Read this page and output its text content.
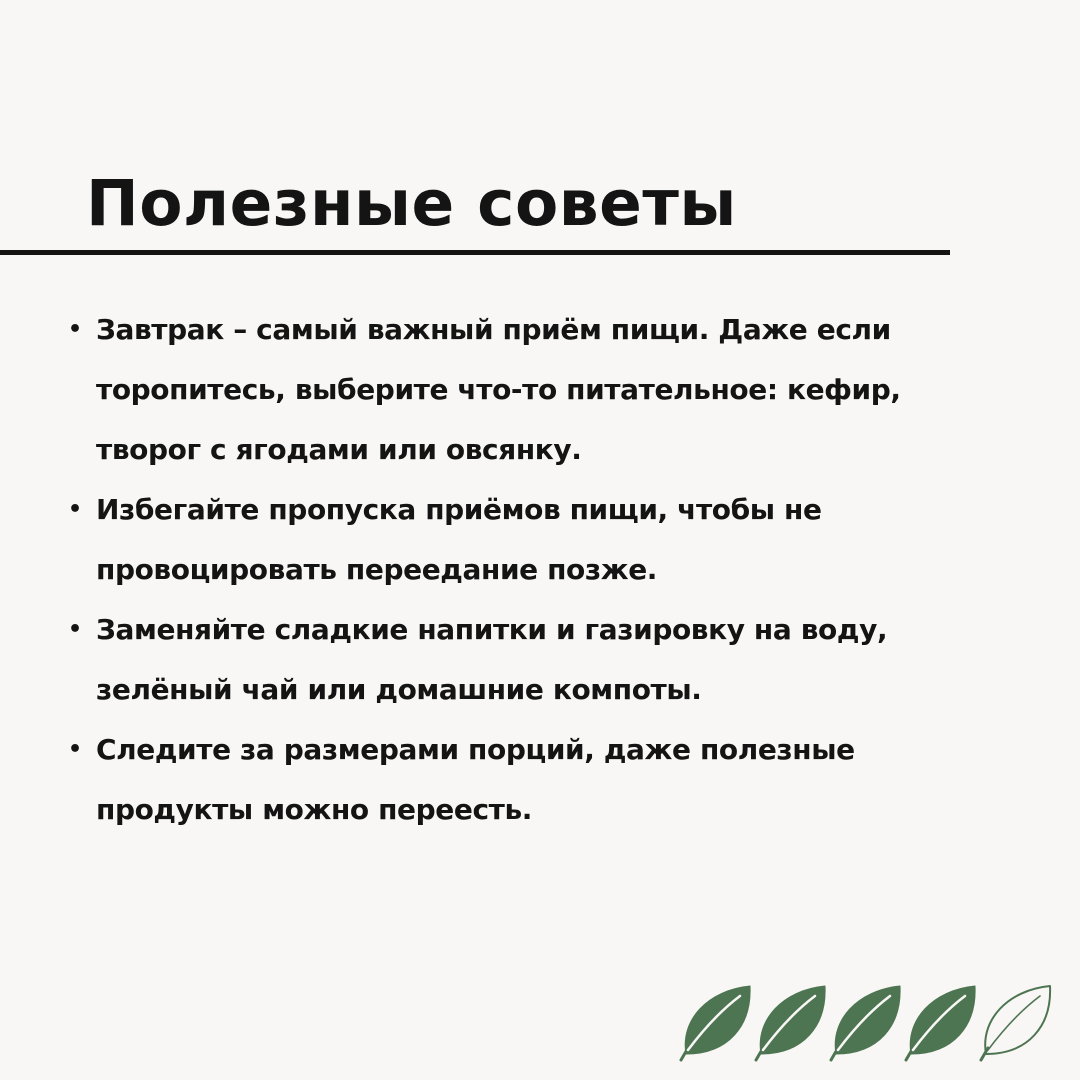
Полезные советы
• Завтрак – самый важный приём пищи. Даже если
торопитесь, выберите что-то питательное: кефир,
творог с ягодами или овсянку.
• Избегайте пропуска приёмов пищи, чтобы не
провоцировать переедание позже.
• Заменяйте сладкие напитки и газировку на воду,
зелёный чай или домашние компоты.
• Следите за размерами порций, даже полезные
продукты можно переесть.
